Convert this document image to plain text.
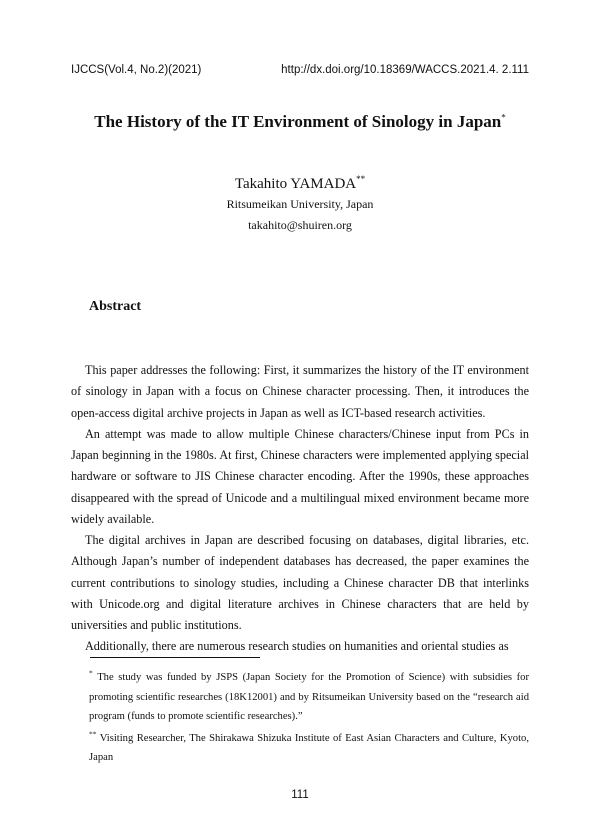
IJCCS(Vol.4, No.2)(2021)	http://dx.doi.org/10.18369/WACCS.2021.4. 2.111
The History of the IT Environment of Sinology in Japan*
Takahito YAMADA**
Ritsumeikan University, Japan
takahito@shuiren.org
Abstract

This paper addresses the following: First, it summarizes the history of the IT environment of sinology in Japan with a focus on Chinese character processing. Then, it introduces the open-access digital archive projects in Japan as well as ICT-based research activities.

An attempt was made to allow multiple Chinese characters/Chinese input from PCs in Japan beginning in the 1980s. At first, Chinese characters were implemented applying special hardware or software to JIS Chinese character encoding. After the 1990s, these approaches disappeared with the spread of Unicode and a multilingual mixed environment became more widely available.

The digital archives in Japan are described focusing on databases, digital libraries, etc. Although Japan’s number of independent databases has decreased, the paper examines the current contributions to sinology studies, including a Chinese character DB that interlinks with Unicode.org and digital literature archives in Chinese characters that are held by universities and public institutions.

Additionally, there are numerous research studies on humanities and oriental studies as

* The study was funded by JSPS (Japan Society for the Promotion of Science) with subsidies for promoting scientific researches (18K12001) and by Ritsumeikan University based on the “research aid program (funds to promote scientific researches).”

** Visiting Researcher, The Shirakawa Shizuka Institute of East Asian Characters and Culture, Kyoto, Japan

111
